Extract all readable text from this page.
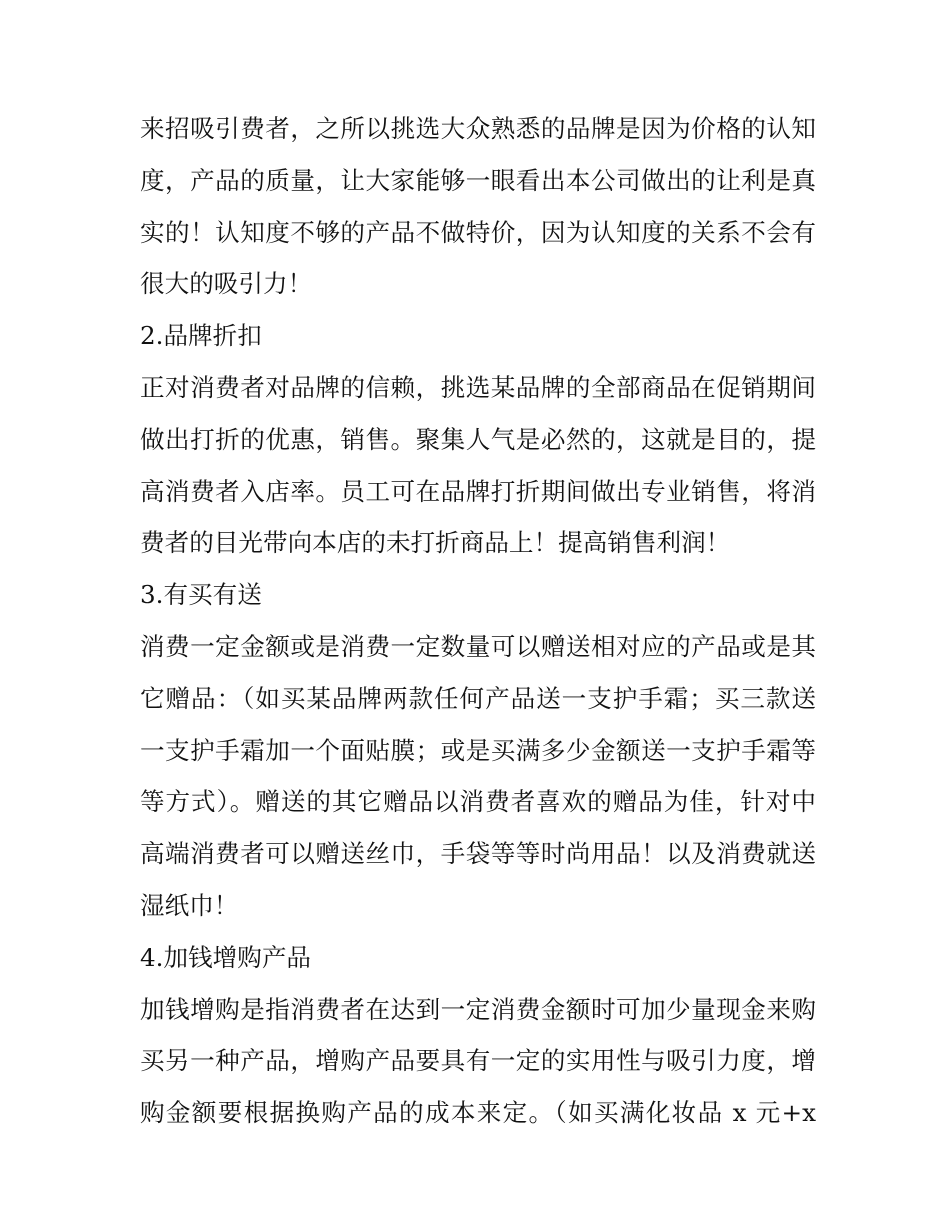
来招吸引费者，之所以挑选大众熟悉的品牌是因为价格的认知
度，产品的质量，让大家能够一眼看出本公司做出的让利是真
实的！认知度不够的产品不做特价，因为认知度的关系不会有
很大的吸引力！
2.品牌折扣
正对消费者对品牌的信赖，挑选某品牌的全部商品在促销期间
做出打折的优惠，销售。聚集人气是必然的，这就是目的，提
高消费者入店率。员工可在品牌打折期间做出专业销售，将消
费者的目光带向本店的未打折商品上！提高销售利润！
3.有买有送
消费一定金额或是消费一定数量可以赠送相对应的产品或是其
它赠品：（如买某品牌两款任何产品送一支护手霜；买三款送
一支护手霜加一个面贴膜；或是买满多少金额送一支护手霜等
等方式）。赠送的其它赠品以消费者喜欢的赠品为佳，针对中
高端消费者可以赠送丝巾，手袋等等时尚用品！以及消费就送
湿纸巾！
4.加钱增购产品
加钱增购是指消费者在达到一定消费金额时可加少量现金来购
买另一种产品，增购产品要具有一定的实用性与吸引力度，增
购金额要根据换购产品的成本来定。（如买满化妆品 x 元+x
